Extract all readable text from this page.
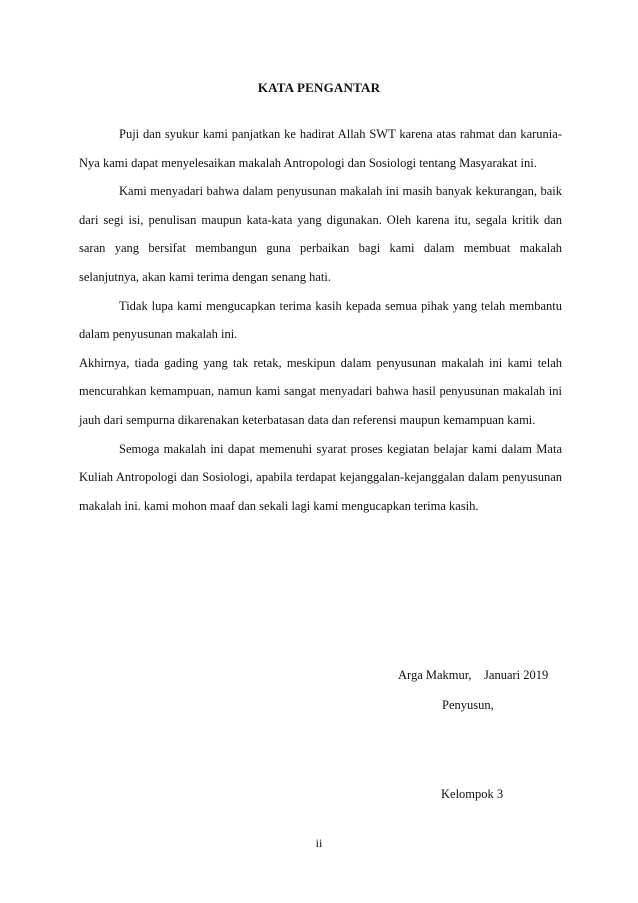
KATA PENGANTAR

Puji dan syukur kami panjatkan ke hadirat Allah SWT karena atas rahmat dan karunia-Nya kami dapat menyelesaikan makalah Antropologi dan Sosiologi tentang Masyarakat ini.

Kami menyadari bahwa dalam penyusunan makalah ini masih banyak kekurangan, baik dari segi isi, penulisan maupun kata-kata yang digunakan. Oleh karena itu, segala kritik dan saran yang bersifat membangun guna perbaikan bagi kami dalam membuat makalah selanjutnya, akan kami terima dengan senang hati.

Tidak lupa kami mengucapkan terima kasih kepada semua pihak yang telah membantu dalam penyusunan makalah ini.

Akhirnya, tiada gading yang tak retak, meskipun dalam penyusunan makalah ini kami telah mencurahkan kemampuan, namun kami sangat menyadari bahwa hasil penyusunan makalah ini jauh dari sempurna dikarenakan keterbatasan data dan referensi maupun kemampuan kami.

Semoga makalah ini dapat memenuhi syarat proses kegiatan belajar kami dalam Mata Kuliah Antropologi dan Sosiologi, apabila terdapat kejanggalan-kejanggalan dalam penyusunan makalah ini. kami mohon maaf dan sekali lagi kami mengucapkan terima kasih.

Arga Makmur,    Januari 2019
Penyusun,
Kelompok 3
ii
